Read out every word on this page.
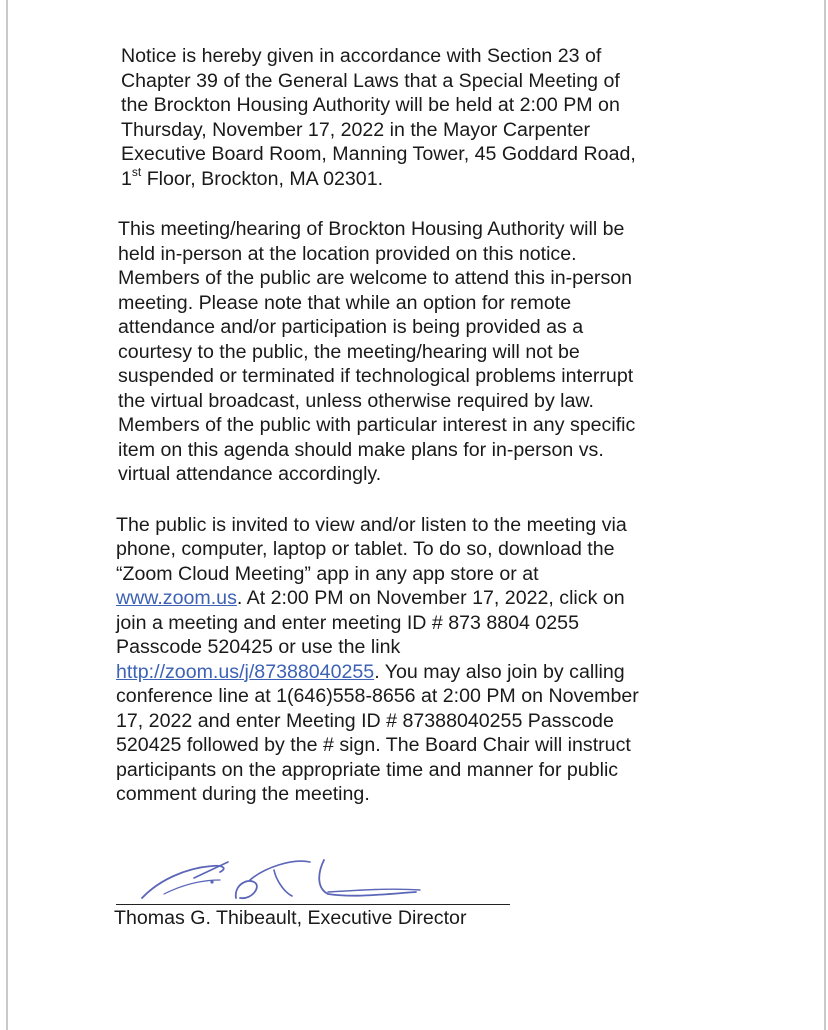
Notice is hereby given in accordance with Section 23 of
Chapter 39 of the General Laws that a Special Meeting of
the Brockton Housing Authority will be held at 2:00 PM on
Thursday, November 17, 2022 in the Mayor Carpenter
Executive Board Room, Manning Tower, 45 Goddard Road,
1st Floor, Brockton, MA 02301.

This meeting/hearing of Brockton Housing Authority will be
held in-person at the location provided on this notice.
Members of the public are welcome to attend this in-person
meeting. Please note that while an option for remote
attendance and/or participation is being provided as a
courtesy to the public, the meeting/hearing will not be
suspended or terminated if technological problems interrupt
the virtual broadcast, unless otherwise required by law.
Members of the public with particular interest in any specific
item on this agenda should make plans for in-person vs.
virtual attendance accordingly.

The public is invited to view and/or listen to the meeting via
phone, computer, laptop or tablet. To do so, download the
“Zoom Cloud Meeting” app in any app store or at
www.zoom.us. At 2:00 PM on November 17, 2022, click on
join a meeting and enter meeting ID # 873 8804 0255
Passcode 520425 or use the link
http://zoom.us/j/87388040255. You may also join by calling
conference line at 1(646)558-8656 at 2:00 PM on November
17, 2022 and enter Meeting ID # 87388040255 Passcode
520425 followed by the # sign. The Board Chair will instruct
participants on the appropriate time and manner for public
comment during the meeting.

Thomas G. Thibeault, Executive Director
